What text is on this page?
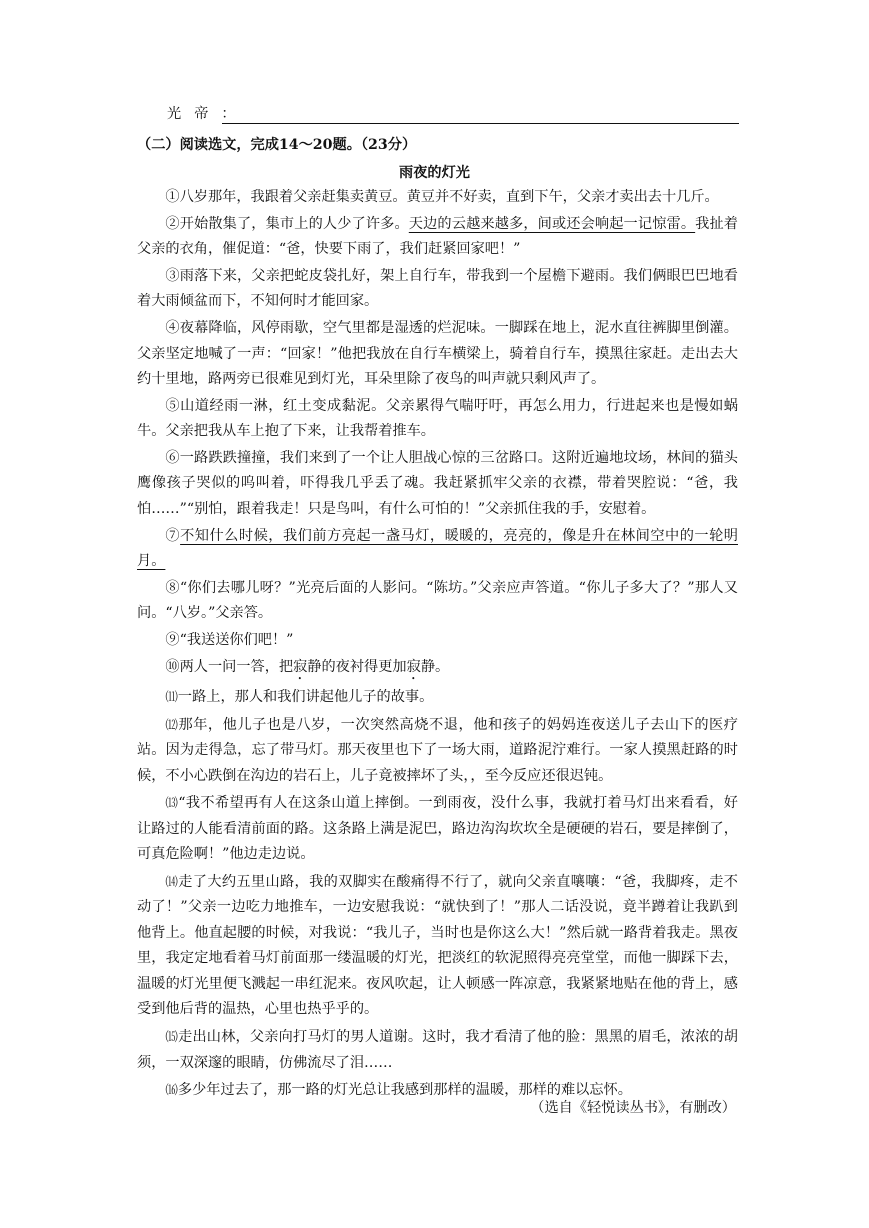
光帝：
（二）阅读选文，完成14～20题。（23分）
雨夜的灯光

①八岁那年，我跟着父亲赶集卖黄豆。黄豆并不好卖，直到下午，父亲才卖出去十几斤。

②开始散集了，集市上的人少了许多。天边的云越来越多，间或还会响起一记惊雷。我扯着父亲的衣角，催促道：“爸，快要下雨了，我们赶紧回家吧！”

③雨落下来，父亲把蛇皮袋扎好，架上自行车，带我到一个屋檐下避雨。我们俩眼巴巴地看着大雨倾盆而下，不知何时才能回家。

④夜幕降临，风停雨歇，空气里都是湿透的烂泥味。一脚踩在地上，泥水直往裤脚里倒灌。父亲坚定地喊了一声：“回家！”他把我放在自行车横梁上，骑着自行车，摸黑往家赶。走出去大约十里地，路两旁已很难见到灯光，耳朵里除了夜鸟的叫声就只剩风声了。

⑤山道经雨一淋，红土变成黏泥。父亲累得气喘吁吁，再怎么用力，行进起来也是慢如蜗牛。父亲把我从车上抱了下来，让我帮着推车。

⑥一路跌跌撞撞，我们来到了一个让人胆战心惊的三岔路口。这附近遍地坟场，林间的猫头鹰像孩子哭似的呜叫着，吓得我几乎丢了魂。我赶紧抓牢父亲的衣襟，带着哭腔说：“爸，我怕……”“别怕，跟着我走！只是鸟叫，有什么可怕的！”父亲抓住我的手，安慰着。

⑦不知什么时候，我们前方亮起一盏马灯，暖暖的，亮亮的，像是升在林间空中的一轮明月。

⑧“你们去哪儿呀？”光亮后面的人影问。“陈坊。”父亲应声答道。“你儿子多大了？”那人又问。“八岁。”父亲答。

⑨“我送送你们吧！”

⑩两人一问一答，把寂静的夜衬得更加寂静。

⑾一路上，那人和我们讲起他儿子的故事。

⑿那年，他儿子也是八岁，一次突然高烧不退，他和孩子的妈妈连夜送儿子去山下的医疗站。因为走得急，忘了带马灯。那天夜里也下了一场大雨，道路泥泞难行。一家人摸黑赶路的时候，不小心跌倒在沟边的岩石上，儿子竟被摔坏了头，，至今反应还很迟钝。

⒀“我不希望再有人在这条山道上摔倒。一到雨夜，没什么事，我就打着马灯出来看看，好让路过的人能看清前面的路。这条路上满是泥巴，路边沟沟坎坎全是硬硬的岩石，要是摔倒了，可真危险啊！”他边走边说。

⒁走了大约五里山路，我的双脚实在酸痛得不行了，就向父亲直嚷嚷：“爸，我脚疼，走不动了！”父亲一边吃力地推车，一边安慰我说：“就快到了！”那人二话没说，竟半蹲着让我趴到他背上。他直起腰的时候，对我说：“我儿子，当时也是你这么大！”然后就一路背着我走。黑夜里，我定定地看着马灯前面那一缕温暖的灯光，把淡红的软泥照得亮亮堂堂，而他一脚踩下去，温暖的灯光里便飞溅起一串红泥来。夜风吹起，让人顿感一阵凉意，我紧紧地贴在他的背上，感受到他后背的温热，心里也热乎乎的。

⒂走出山林，父亲向打马灯的男人道谢。这时，我才看清了他的脸：黑黑的眉毛，浓浓的胡须，一双深邃的眼睛，仿佛流尽了泪……

⒃多少年过去了，那一路的灯光总让我感到那样的温暖，那样的难以忘怀。

（选自《轻悦读丛书》，有删改）
